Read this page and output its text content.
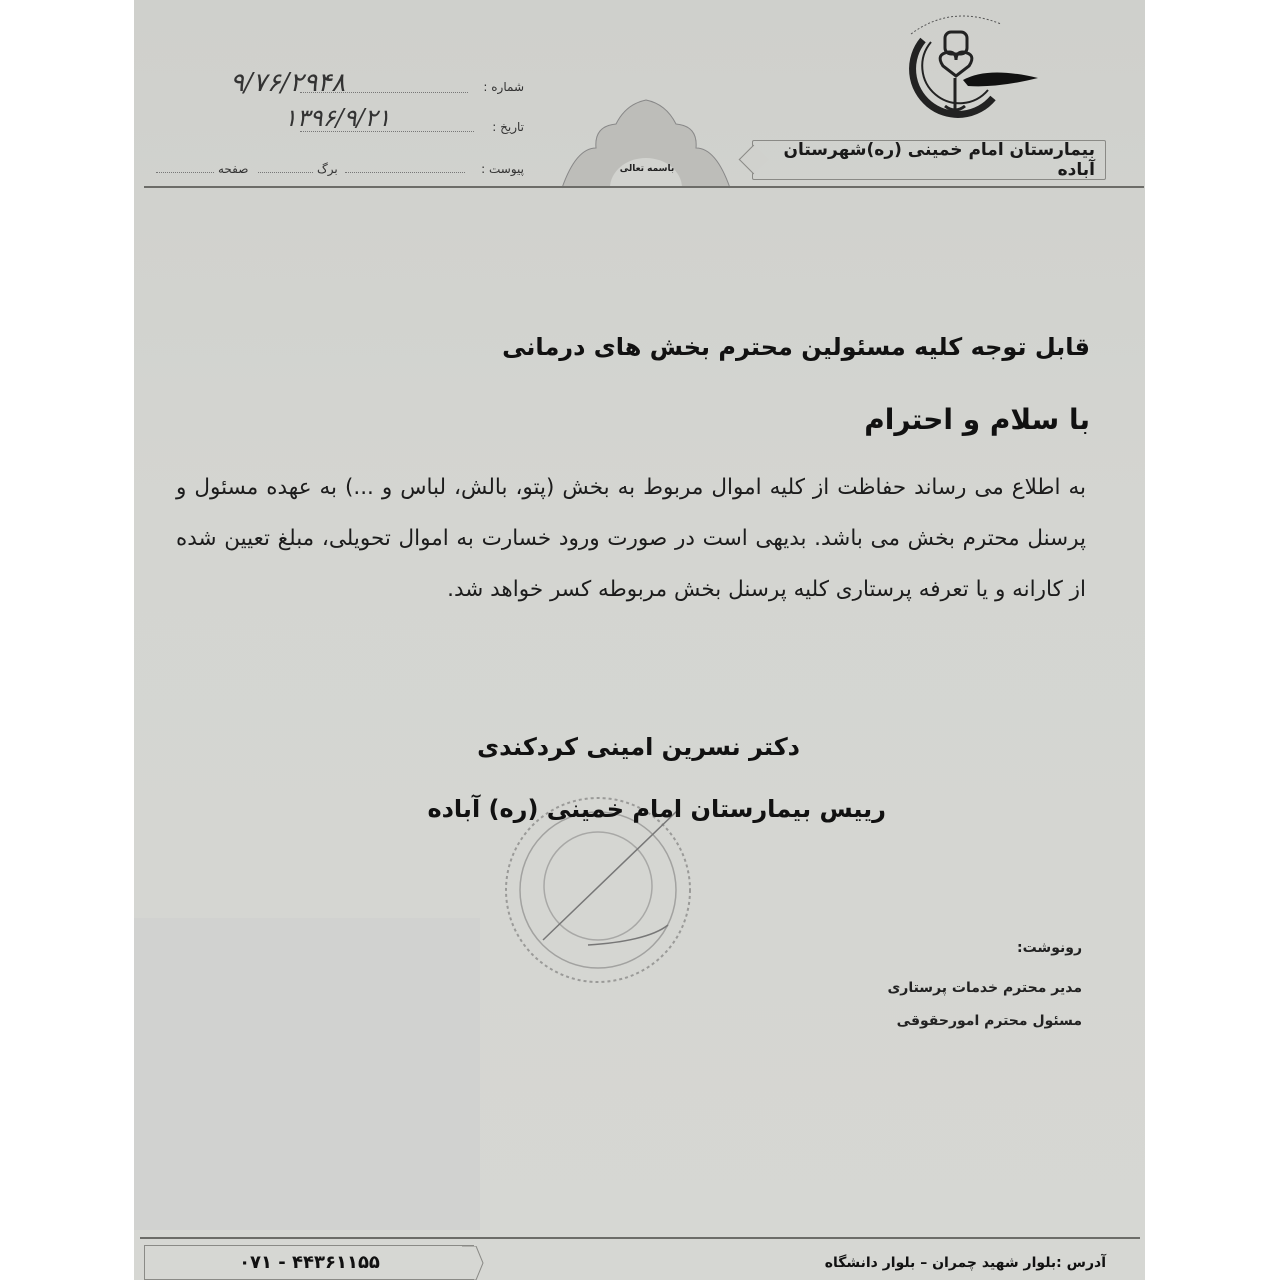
بیمارستان امام خمینی (ره)شهرستان آباده
باسمه تعالی
شماره :
۹/۷۶/۲۹۴۸
تاریخ :
۱۳۹۶/۹/۲۱
پیوست :
برگ
صفحه
قابل توجه کلیه مسئولین محترم بخش های درمانی
با سلام و احترام
به اطلاع می رساند حفاظت از کلیه اموال مربوط به بخش (پتو، بالش، لباس و ...) به عهده مسئول و پرسنل محترم بخش می باشد. بدیهی است در صورت ورود خسارت به اموال تحویلی، مبلغ تعیین شده از کارانه و یا تعرفه پرستاری کلیه پرسنل بخش مربوطه کسر خواهد شد.
دکتر نسرین امینی کردکندی
رییس بیمارستان امام خمینی (ره) آباده
رونوشت:
مدیر محترم خدمات پرستاری
مسئول محترم امورحقوقی
۰۷۱ - ۴۴۳۶۱۱۵۵	آدرس :بلوار شهید چمران – بلوار دانشگاه
